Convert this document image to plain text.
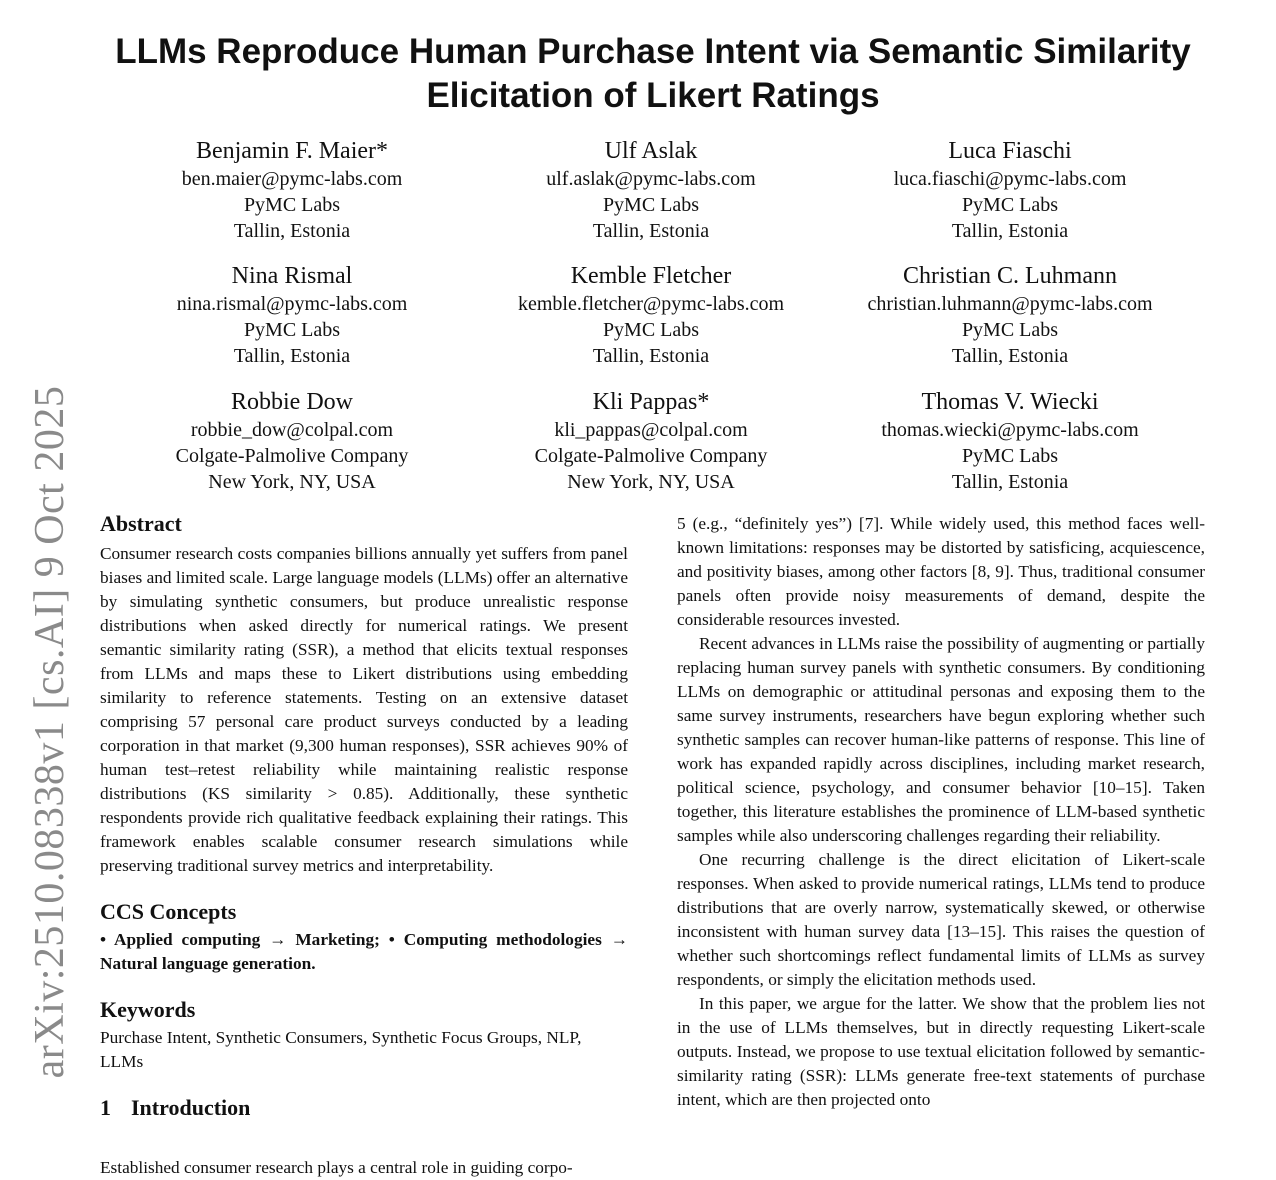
arXiv:2510.08338v1 [cs.AI] 9 Oct 2025
LLMs Reproduce Human Purchase Intent via Semantic Similarity Elicitation of Likert Ratings
Benjamin F. Maier*
ben.maier@pymc-labs.com
PyMC Labs
Tallin, Estonia
Ulf Aslak
ulf.aslak@pymc-labs.com
PyMC Labs
Tallin, Estonia
Luca Fiaschi
luca.fiaschi@pymc-labs.com
PyMC Labs
Tallin, Estonia
Nina Rismal
nina.rismal@pymc-labs.com
PyMC Labs
Tallin, Estonia
Kemble Fletcher
kemble.fletcher@pymc-labs.com
PyMC Labs
Tallin, Estonia
Christian C. Luhmann
christian.luhmann@pymc-labs.com
PyMC Labs
Tallin, Estonia
Robbie Dow
robbie_dow@colpal.com
Colgate-Palmolive Company
New York, NY, USA
Kli Pappas*
kli_pappas@colpal.com
Colgate-Palmolive Company
New York, NY, USA
Thomas V. Wiecki
thomas.wiecki@pymc-labs.com
PyMC Labs
Tallin, Estonia
Abstract

Consumer research costs companies billions annually yet suffers from panel biases and limited scale. Large language models (LLMs) offer an alternative by simulating synthetic consumers, but produce unrealistic response distributions when asked directly for numerical ratings. We present semantic similarity rating (SSR), a method that elicits textual responses from LLMs and maps these to Likert distributions using embedding similarity to reference statements. Testing on an extensive dataset comprising 57 personal care product surveys conducted by a leading corporation in that market (9,300 human responses), SSR achieves 90% of human test–retest reliability while maintaining realistic response distributions (KS similarity > 0.85). Additionally, these synthetic respondents provide rich qualitative feedback explaining their ratings. This framework enables scalable consumer research simulations while preserving traditional survey metrics and interpretability.

CCS Concepts

• Applied computing → Marketing; • Computing methodologies → Natural language generation.

Keywords

Purchase Intent, Synthetic Consumers, Synthetic Focus Groups, NLP, LLMs

1 Introduction
Established consumer research plays a central role in guiding corpo-

5 (e.g., “definitely yes”) [7]. While widely used, this method faces well-known limitations: responses may be distorted by satisficing, acquiescence, and positivity biases, among other factors [8, 9]. Thus, traditional consumer panels often provide noisy measurements of demand, despite the considerable resources invested.

Recent advances in LLMs raise the possibility of augmenting or partially replacing human survey panels with synthetic consumers. By conditioning LLMs on demographic or attitudinal personas and exposing them to the same survey instruments, researchers have begun exploring whether such synthetic samples can recover human-like patterns of response. This line of work has expanded rapidly across disciplines, including market research, political science, psychology, and consumer behavior [10–15]. Taken together, this literature establishes the prominence of LLM-based synthetic samples while also underscoring challenges regarding their reliability.

One recurring challenge is the direct elicitation of Likert-scale responses. When asked to provide numerical ratings, LLMs tend to produce distributions that are overly narrow, systematically skewed, or otherwise inconsistent with human survey data [13–15]. This raises the question of whether such shortcomings reflect fundamental limits of LLMs as survey respondents, or simply the elicitation methods used.

In this paper, we argue for the latter. We show that the problem lies not in the use of LLMs themselves, but in directly requesting Likert-scale outputs. Instead, we propose to use textual elicitation followed by semantic-similarity rating (SSR): LLMs generate free-text statements of purchase intent, which are then projected onto
